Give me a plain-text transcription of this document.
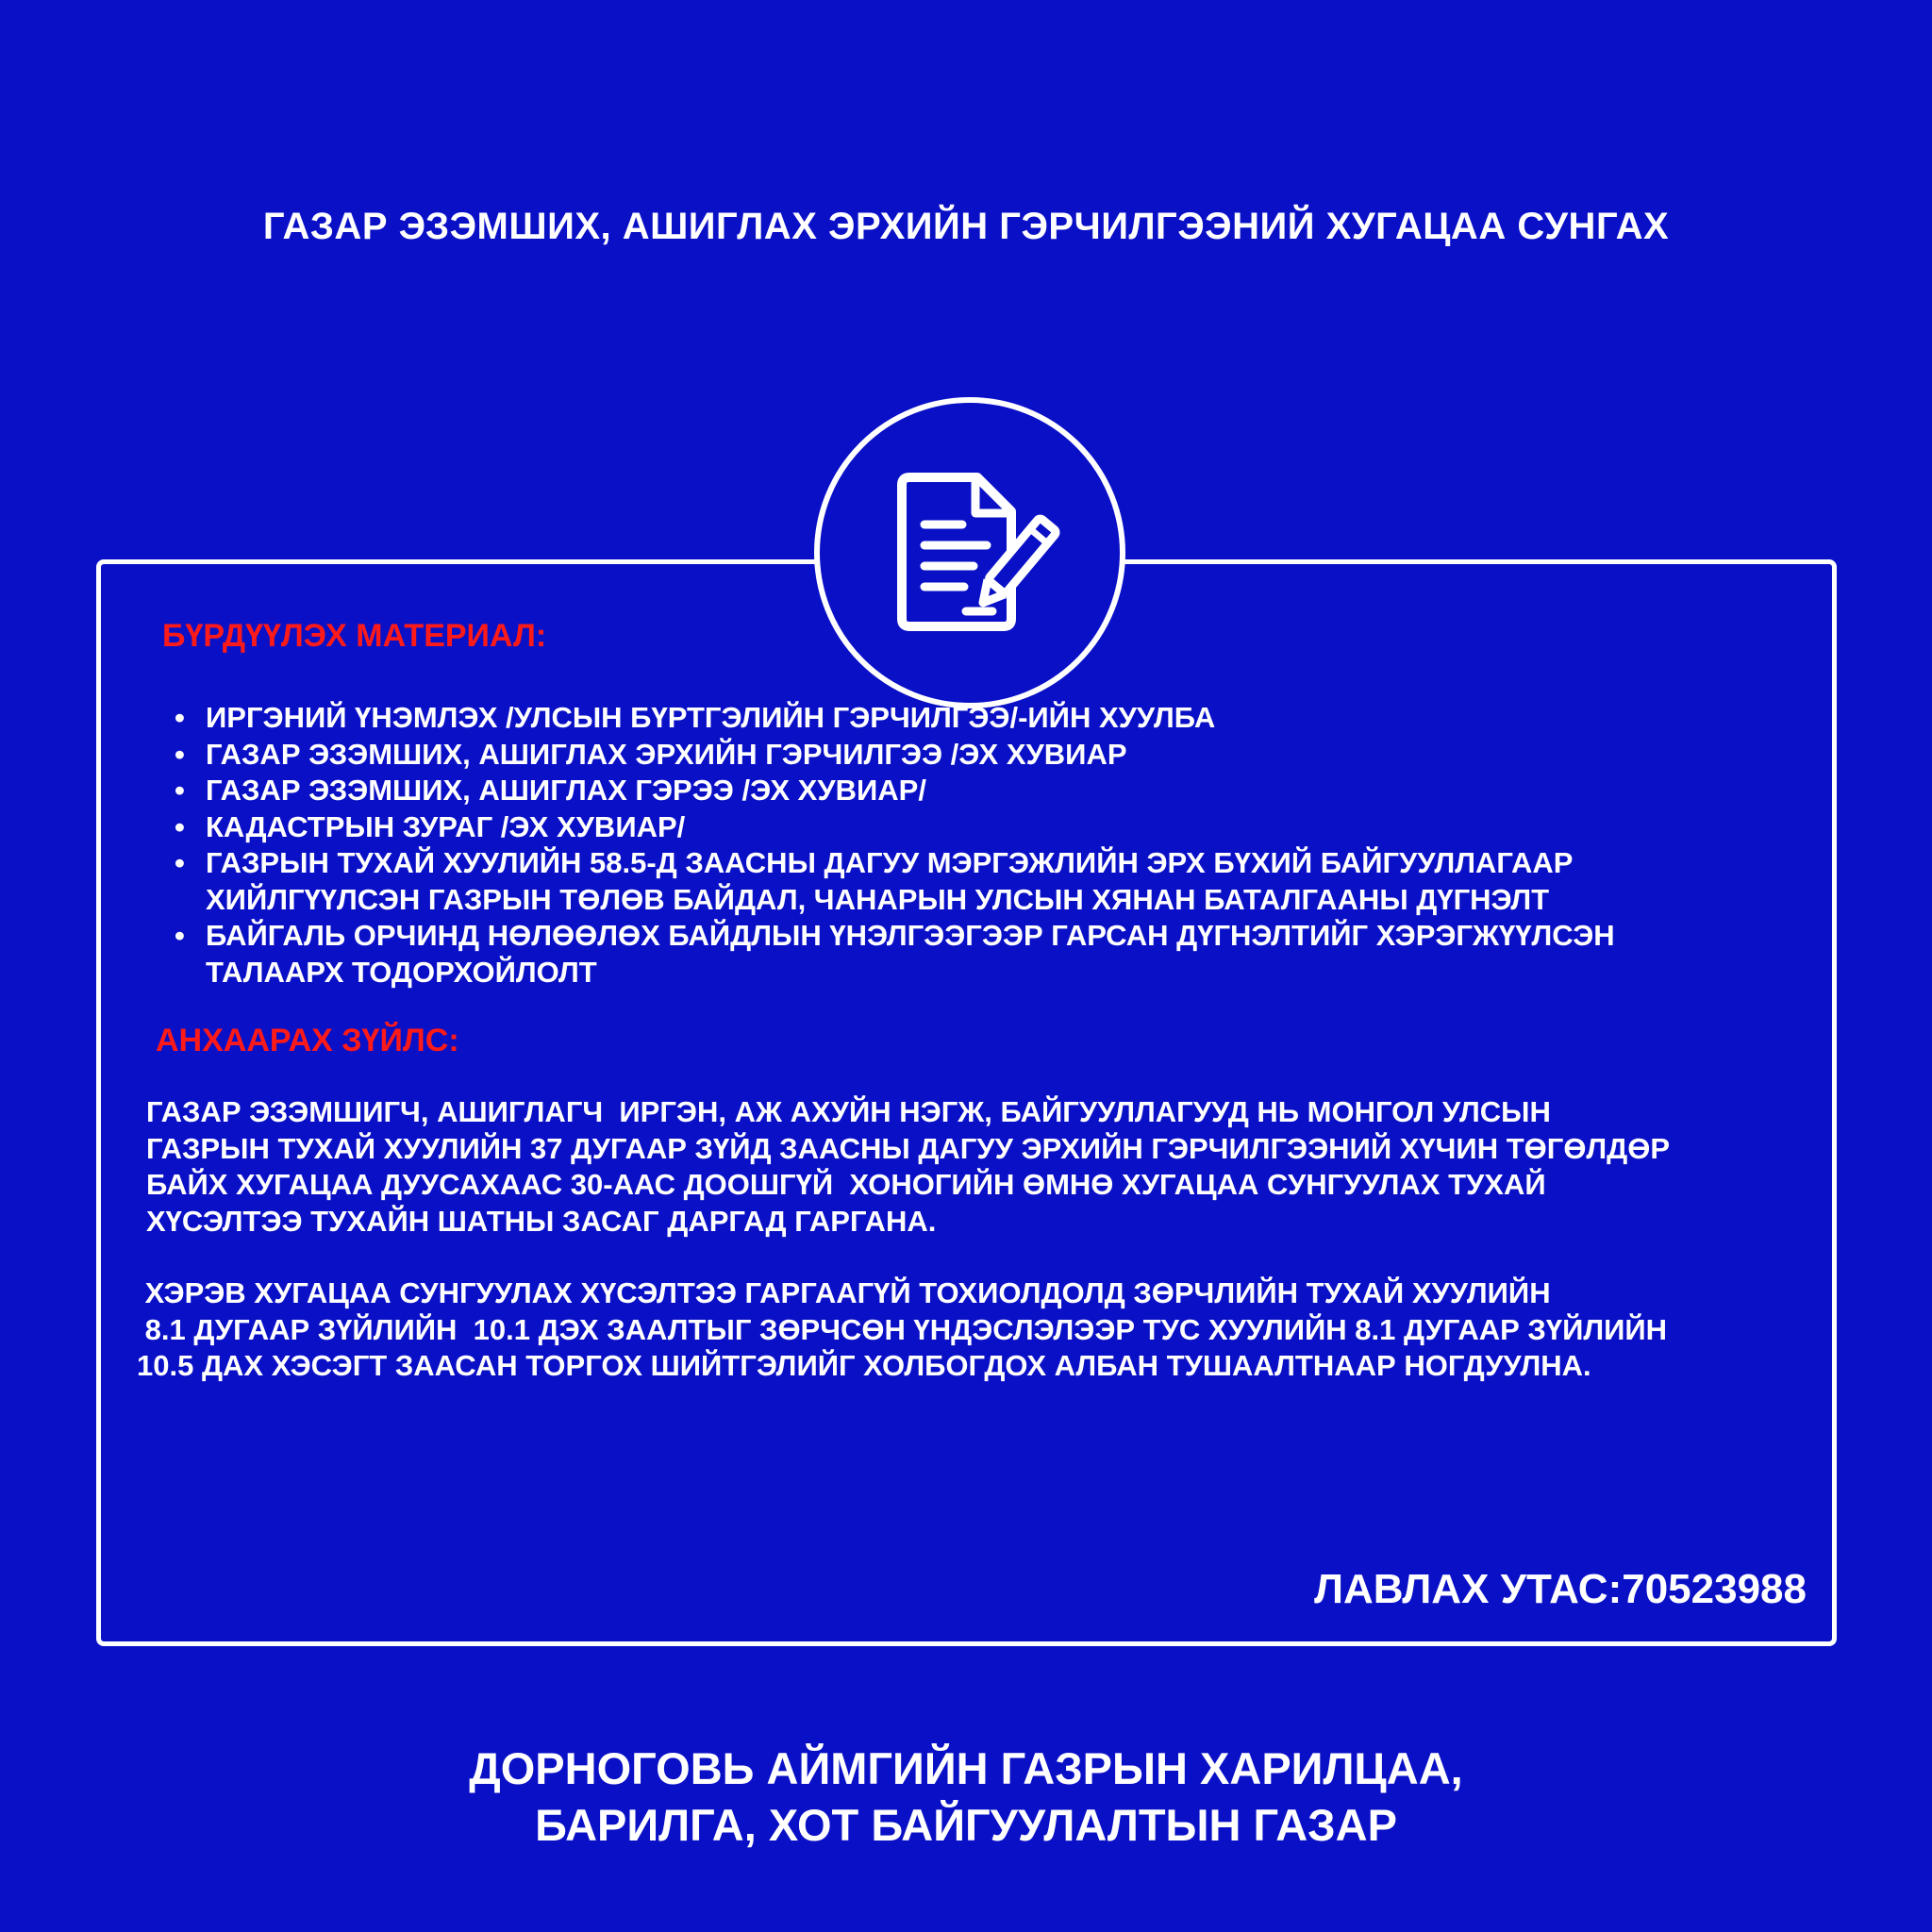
ГАЗАР ЭЗЭМШИХ, АШИГЛАХ ЭРХИЙН ГЭРЧИЛГЭЭНИЙ ХУГАЦАА СУНГАХ
БҮРДҮҮЛЭХ МАТЕРИАЛ:
• ИРГЭНИЙ ҮНЭМЛЭХ /УЛСЫН БҮРТГЭЛИЙН ГЭРЧИЛГЭЭ/-ИЙН ХУУЛБА
• ГАЗАР ЭЗЭМШИХ, АШИГЛАХ ЭРХИЙН ГЭРЧИЛГЭЭ /ЭХ ХУВИАР
• ГАЗАР ЭЗЭМШИХ, АШИГЛАХ ГЭРЭЭ /ЭХ ХУВИАР/
• КАДАСТРЫН ЗУРАГ /ЭХ ХУВИАР/
• ГАЗРЫН ТУХАЙ ХУУЛИЙН 58.5-Д ЗААСНЫ ДАГУУ МЭРГЭЖЛИЙН ЭРХ БҮХИЙ БАЙГУУЛЛАГААР
ХИЙЛГҮҮЛСЭН ГАЗРЫН ТӨЛӨВ БАЙДАЛ, ЧАНАРЫН УЛСЫН ХЯНАН БАТАЛГААНЫ ДҮГНЭЛТ
• БАЙГАЛЬ ОРЧИНД НӨЛӨӨЛӨХ БАЙДЛЫН ҮНЭЛГЭЭГЭЭР ГАРСАН ДҮГНЭЛТИЙГ ХЭРЭГЖҮҮЛСЭН
ТАЛААРХ ТОДОРХОЙЛОЛТ
АНХААРАХ ЗҮЙЛС:

ГАЗАР ЭЗЭМШИГЧ, АШИГЛАГЧ  ИРГЭН, АЖ АХУЙН НЭГЖ, БАЙГУУЛЛАГУУД НЬ МОНГОЛ УЛСЫН
ГАЗРЫН ТУХАЙ ХУУЛИЙН 37 ДУГААР ЗҮЙД ЗААСНЫ ДАГУУ ЭРХИЙН ГЭРЧИЛГЭЭНИЙ ХҮЧИН ТӨГӨЛДӨР
БАЙХ ХУГАЦАА ДУУСАХААС 30-ААС ДООШГҮЙ  ХОНОГИЙН ӨМНӨ ХУГАЦАА СУНГУУЛАХ ТУХАЙ
ХҮСЭЛТЭЭ ТУХАЙН ШАТНЫ ЗАСАГ ДАРГАД ГАРГАНА.

ХЭРЭВ ХУГАЦАА СУНГУУЛАХ ХҮСЭЛТЭЭ ГАРГААГҮЙ ТОХИОЛДОЛД ЗӨРЧЛИЙН ТУХАЙ ХУУЛИЙН
8.1 ДУГААР ЗҮЙЛИЙН  10.1 ДЭХ ЗААЛТЫГ ЗӨРЧСӨН ҮНДЭСЛЭЛЭЭР ТУС ХУУЛИЙН 8.1 ДУГААР ЗҮЙЛИЙН
10.5 ДАХ ХЭСЭГТ ЗААСАН ТОРГОХ ШИЙТГЭЛИЙГ ХОЛБОГДОХ АЛБАН ТУШААЛТНААР НОГДУУЛНА.

ЛАВЛАХ УТАС:70523988
ДОРНОГОВЬ АЙМГИЙН ГАЗРЫН ХАРИЛЦАА,
БАРИЛГА, ХОТ БАЙГУУЛАЛТЫН ГАЗАР
